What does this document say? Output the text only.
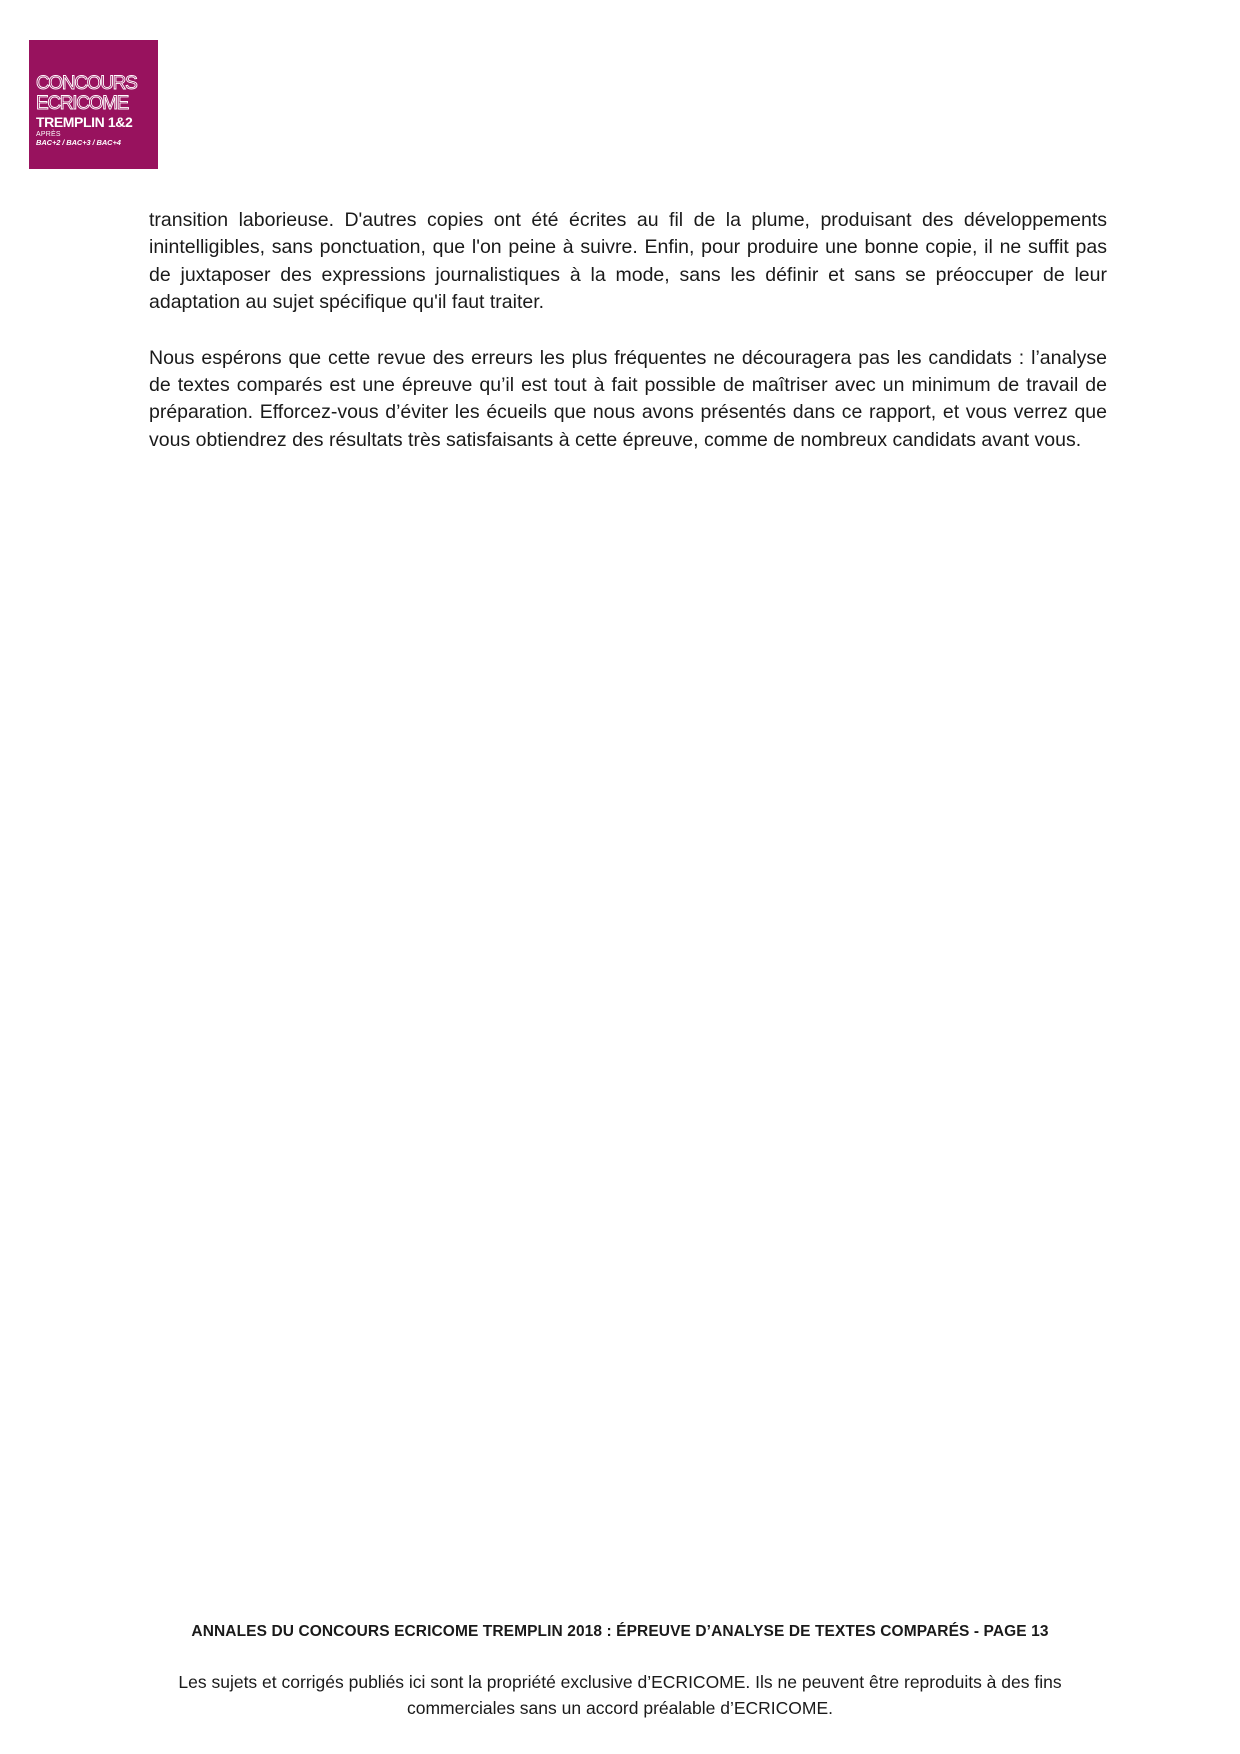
CONCOURS
ECRICOME
TREMPLIN 1&2
APRÈS
BAC+2 / BAC+3 / BAC+4

transition laborieuse. D'autres copies ont été écrites au fil de la plume, produisant des développements inintelligibles, sans ponctuation, que l'on peine à suivre. Enfin, pour produire une bonne copie, il ne suffit pas de juxtaposer des expressions journalistiques à la mode, sans les définir et sans se préoccuper de leur adaptation au sujet spécifique qu'il faut traiter.

Nous espérons que cette revue des erreurs les plus fréquentes ne découragera pas les candidats : l’analyse de textes comparés est une épreuve qu’il est tout à fait possible de maîtriser avec un minimum de travail de préparation. Efforcez-vous d’éviter les écueils que nous avons présentés dans ce rapport, et vous verrez que vous obtiendrez des résultats très satisfaisants à cette épreuve, comme de nombreux candidats avant vous.

ANNALES DU CONCOURS ECRICOME TREMPLIN 2018 : ÉPREUVE D’ANALYSE DE TEXTES COMPARÉS - PAGE 13
Les sujets et corrigés publiés ici sont la propriété exclusive d’ECRICOME. Ils ne peuvent être reproduits à des fins commerciales sans un accord préalable d’ECRICOME.
